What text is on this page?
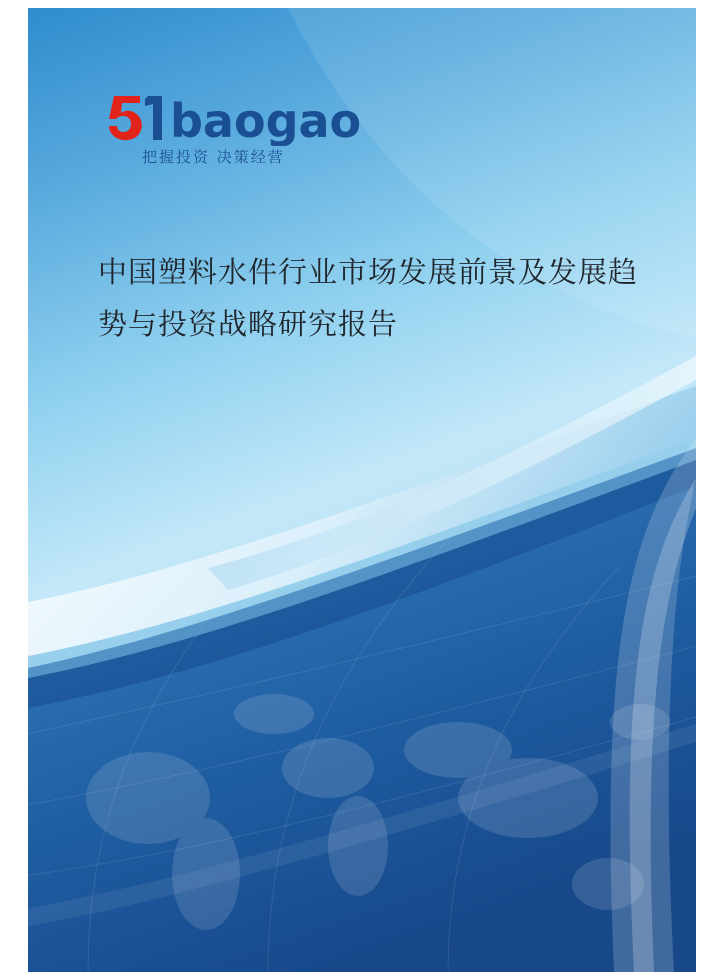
baogao
把握投资 决策经营
中国塑料水件行业市场发展前景及发展趋势与投资战略研究报告
